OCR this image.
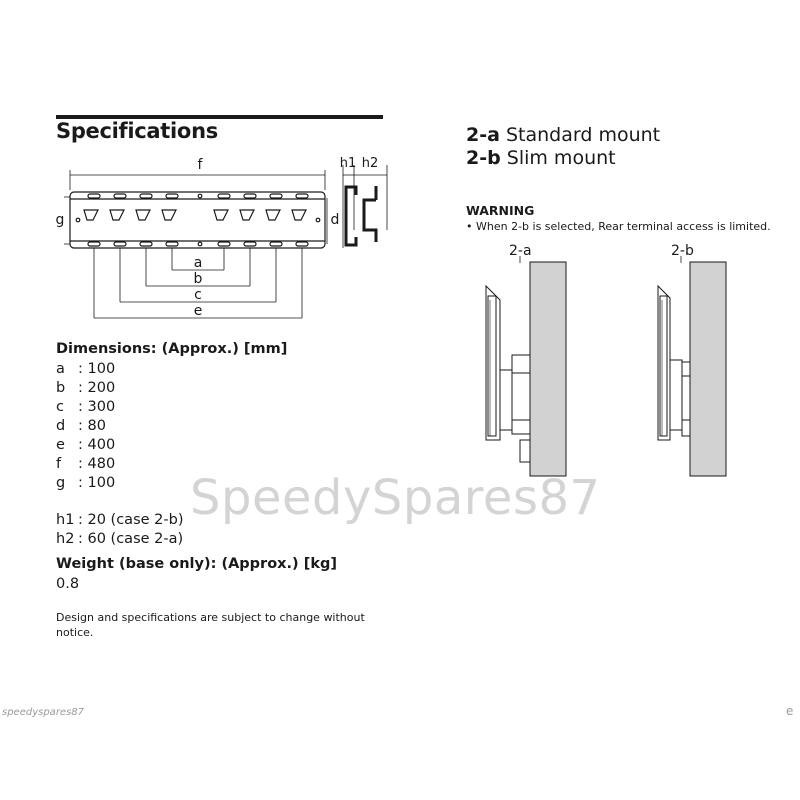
Specifications
f
g
a
b
c
e
d
h1 h2
Dimensions: (Approx.) [mm]
a : 100
b : 200
c : 300
d : 80
e : 400
f : 480
g : 100
h1 : 20 (case 2-b)
h2 : 60 (case 2-a)
Weight (base only): (Approx.) [kg]
0.8
Design and specifications are subject to change without notice.
2-a Standard mount
2-b Slim mount
WARNING
• When 2-b is selected, Rear terminal access is limited.
2-a	2-b
SpeedySpares87
speedyspares87	e
